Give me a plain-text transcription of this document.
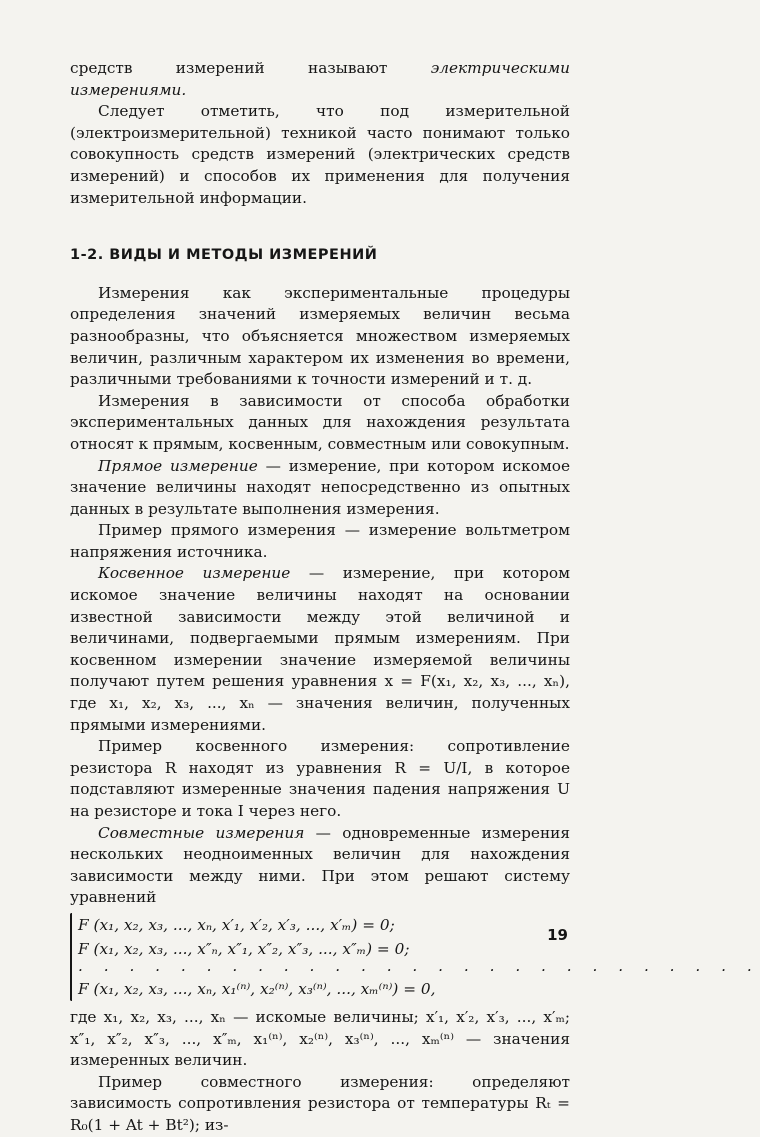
средств измерений называют электрическими измерениями.

Следует отметить, что под измерительной (электроизмерительной) техникой часто понимают только совокупность средств измерений (электрических средств измерений) и способов их применения для получения измерительной информации.

1-2. ВИДЫ И МЕТОДЫ ИЗМЕРЕНИЙ

Измерения как экспериментальные процедуры определения значений измеряемых величин весьма разнообразны, что объясняется множеством измеряемых величин, различным характером их изменения во времени, различными требованиями к точности измерений и т. д.

Измерения в зависимости от способа обработки экспериментальных данных для нахождения результата относят к прямым, косвенным, совместным или совокупным.

Прямое измерение — измерение, при котором искомое значение величины находят непосредственно из опытных данных в результате выполнения измерения.

Пример прямого измерения — измерение вольтметром напряжения источника.

Косвенное измерение — измерение, при котором искомое значение величины находят на основании известной зависимости между этой величиной и величинами, подвергаемыми прямым измерениям. При косвенном измерении значение измеряемой величины получают путем решения уравнения x = F(x₁, x₂, x₃, ..., xₙ), где x₁, x₂, x₃, ..., xₙ — значения величин, полученных прямыми измерениями.

Пример косвенного измерения: сопротивление резистора R находят из уравнения R = U/I, в которое подставляют измеренные значения падения напряжения U на резисторе и тока I через него.

Совместные измерения — одновременные измерения нескольких неодноименных величин для нахождения зависимости между ними. При этом решают систему уравнений

F (x₁, x₂, x₃, ..., xₙ, x′₁, x′₂, x′₃, ..., x′ₘ) = 0;
F (x₁, x₂, x₃, ..., x″ₙ, x″₁, x″₂, x″₃, ..., x″ₘ) = 0;
. . . . . . . . . . . . . . . . . . . . . . . . . . .
F (x₁, x₂, x₃, ..., xₙ, x₁⁽ⁿ⁾, x₂⁽ⁿ⁾, x₃⁽ⁿ⁾, ..., xₘ⁽ⁿ⁾) = 0,

где x₁, x₂, x₃, ..., xₙ — искомые величины; x′₁, x′₂, x′₃, ..., x′ₘ; x″₁, x″₂, x″₃, ..., x″ₘ, x₁⁽ⁿ⁾, x₂⁽ⁿ⁾, x₃⁽ⁿ⁾, ..., xₘ⁽ⁿ⁾ — значения измеренных величин.

Пример совместного измерения: определяют зависимость сопротивления резистора от температуры Rₜ = R₀(1 + At + Bt²); из-

19
